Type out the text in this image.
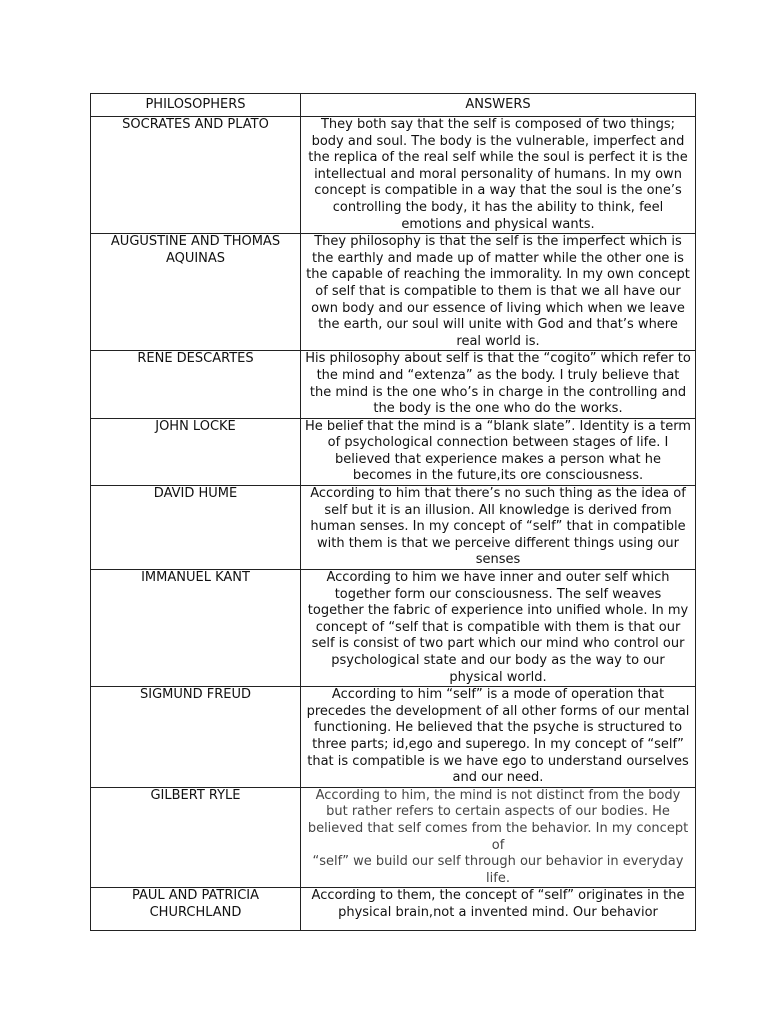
PHILOSOPHERS	ANSWERS
SOCRATES AND PLATO	They both say that the self is composed of two things; body and soul. The body is the vulnerable, imperfect and the replica of the real self while the soul is perfect it is the intellectual and moral personality of humans. In my own concept is compatible in a way that the soul is the one’s controlling the body, it has the ability to think, feel emotions and physical wants.
AUGUSTINE AND THOMAS AQUINAS	They philosophy is that the self is the imperfect which is the earthly and made up of matter while the other one is the capable of reaching the immorality. In my own concept of self that is compatible to them is that we all have our own body and our essence of living which when we leave the earth, our soul will unite with God and that’s where real world is.
RENE DESCARTES	His philosophy about self is that the “cogito” which refer to the mind and “extenza” as the body. I truly believe that the mind is the one who’s in charge in the controlling and the body is the one who do the works.
JOHN LOCKE	He belief that the mind is a “blank slate”. Identity is a term of psychological connection between stages of life. I believed that experience makes a person what he becomes in the future,its ore consciousness.
DAVID HUME	According to him that there’s no such thing as the idea of self but it is an illusion. All knowledge is derived from human senses. In my concept of “self” that in compatible with them is that we perceive different things using our senses
IMMANUEL KANT	According to him we have inner and outer self which together form our consciousness. The self weaves together the fabric of experience into unified whole. In my concept of “self that is compatible with them is that our self is consist of two part which our mind who control our psychological state and our body as the way to our physical world.
SIGMUND FREUD	According to him “self” is a mode of operation that precedes the development of all other forms of our mental functioning. He believed that the psyche is structured to three parts; id,ego and superego. In my concept of “self” that is compatible is we have ego to understand ourselves and our need.
GILBERT RYLE	According to him, the mind is not distinct from the body but rather refers to certain aspects of our bodies. He believed that self comes from the behavior. In my concept of
“self” we build our self through our behavior in everyday life.
PAUL AND PATRICIA CHURCHLAND	According to them, the concept of “self” originates in the physical brain,not a invented mind. Our behavior
